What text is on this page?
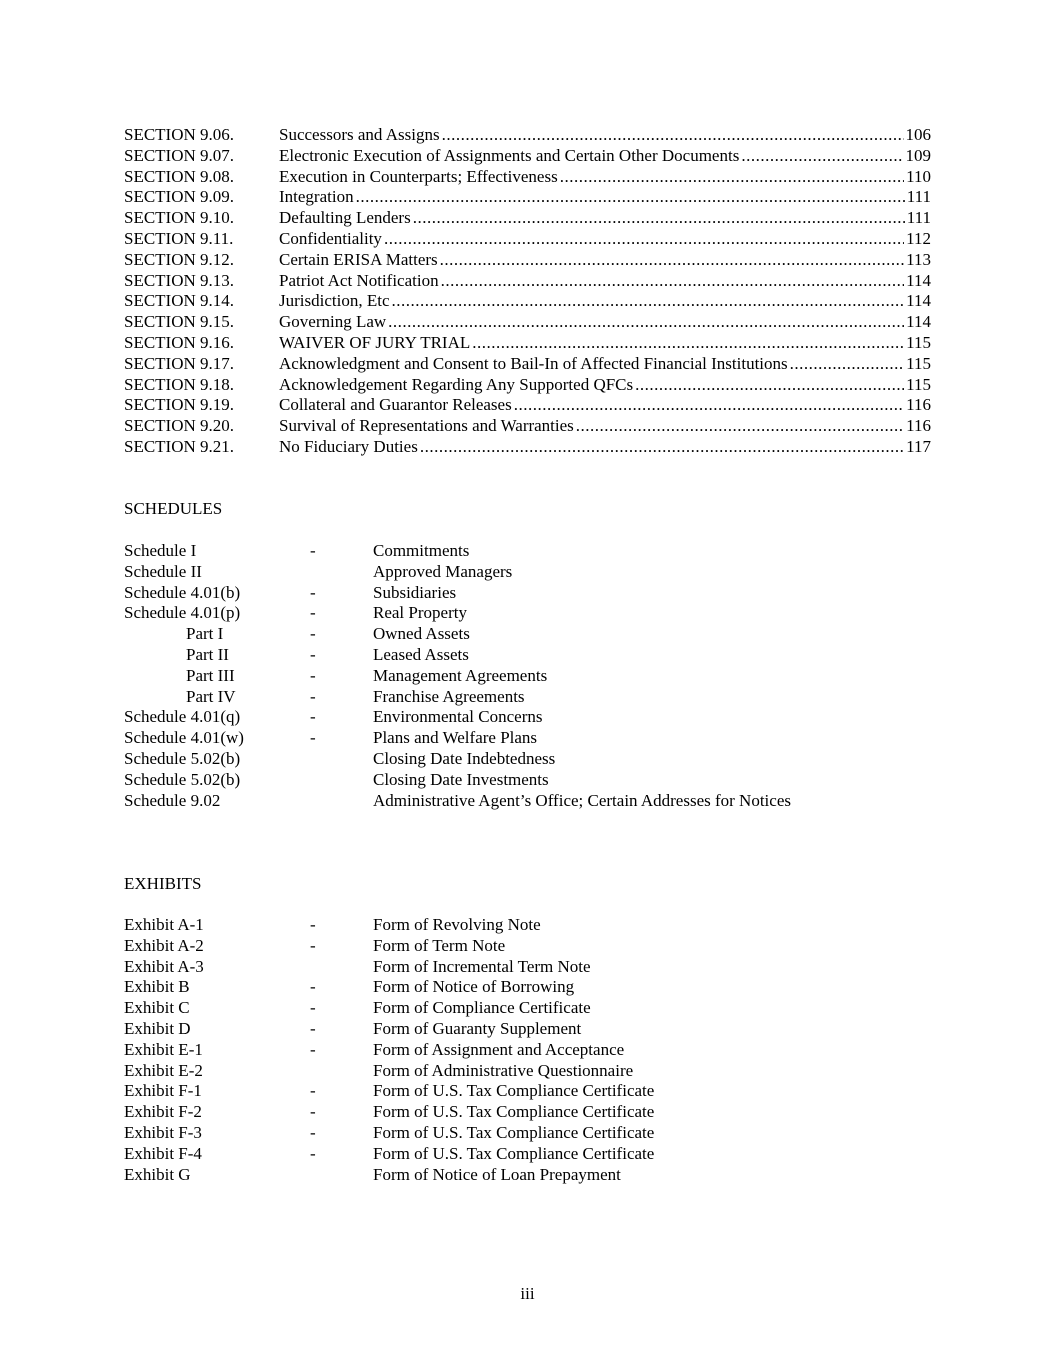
SECTION 9.06.	Successors and Assigns .....	106
SECTION 9.07.	Electronic Execution of Assignments and Certain Other Documents .....	109
SECTION 9.08.	Execution in Counterparts; Effectiveness .....	110
SECTION 9.09.	Integration .....	111
SECTION 9.10.	Defaulting Lenders .....	111
SECTION 9.11.	Confidentiality .....	112
SECTION 9.12.	Certain ERISA Matters .....	113
SECTION 9.13.	Patriot Act Notification .....	114
SECTION 9.14.	Jurisdiction, Etc .....	114
SECTION 9.15.	Governing Law .....	114
SECTION 9.16.	WAIVER OF JURY TRIAL .....	115
SECTION 9.17.	Acknowledgment and Consent to Bail-In of Affected Financial Institutions .....	115
SECTION 9.18.	Acknowledgement Regarding Any Supported QFCs .....	115
SECTION 9.19.	Collateral and Guarantor Releases .....	116
SECTION 9.20.	Survival of Representations and Warranties .....	116
SECTION 9.21.	No Fiduciary Duties .....	117
SCHEDULES
Schedule I	-	Commitments
Schedule II	Approved Managers
Schedule 4.01(b)	-	Subsidiaries
Schedule 4.01(p)	-	Real Property
Part I	-	Owned Assets
Part II	-	Leased Assets
Part III	-	Management Agreements
Part IV	-	Franchise Agreements
Schedule 4.01(q)	-	Environmental Concerns
Schedule 4.01(w)	-	Plans and Welfare Plans
Schedule 5.02(b)	Closing Date Indebtedness
Schedule 5.02(b)	Closing Date Investments
Schedule 9.02	Administrative Agent’s Office; Certain Addresses for Notices
EXHIBITS
Exhibit A-1	-	Form of Revolving Note
Exhibit A-2	-	Form of Term Note
Exhibit A-3	Form of Incremental Term Note
Exhibit B	-	Form of Notice of Borrowing
Exhibit C	-	Form of Compliance Certificate
Exhibit D	-	Form of Guaranty Supplement
Exhibit E-1	-	Form of Assignment and Acceptance
Exhibit E-2	Form of Administrative Questionnaire
Exhibit F-1	-	Form of U.S. Tax Compliance Certificate
Exhibit F-2	-	Form of U.S. Tax Compliance Certificate
Exhibit F-3	-	Form of U.S. Tax Compliance Certificate
Exhibit F-4	-	Form of U.S. Tax Compliance Certificate
Exhibit G	Form of Notice of Loan Prepayment
iii
